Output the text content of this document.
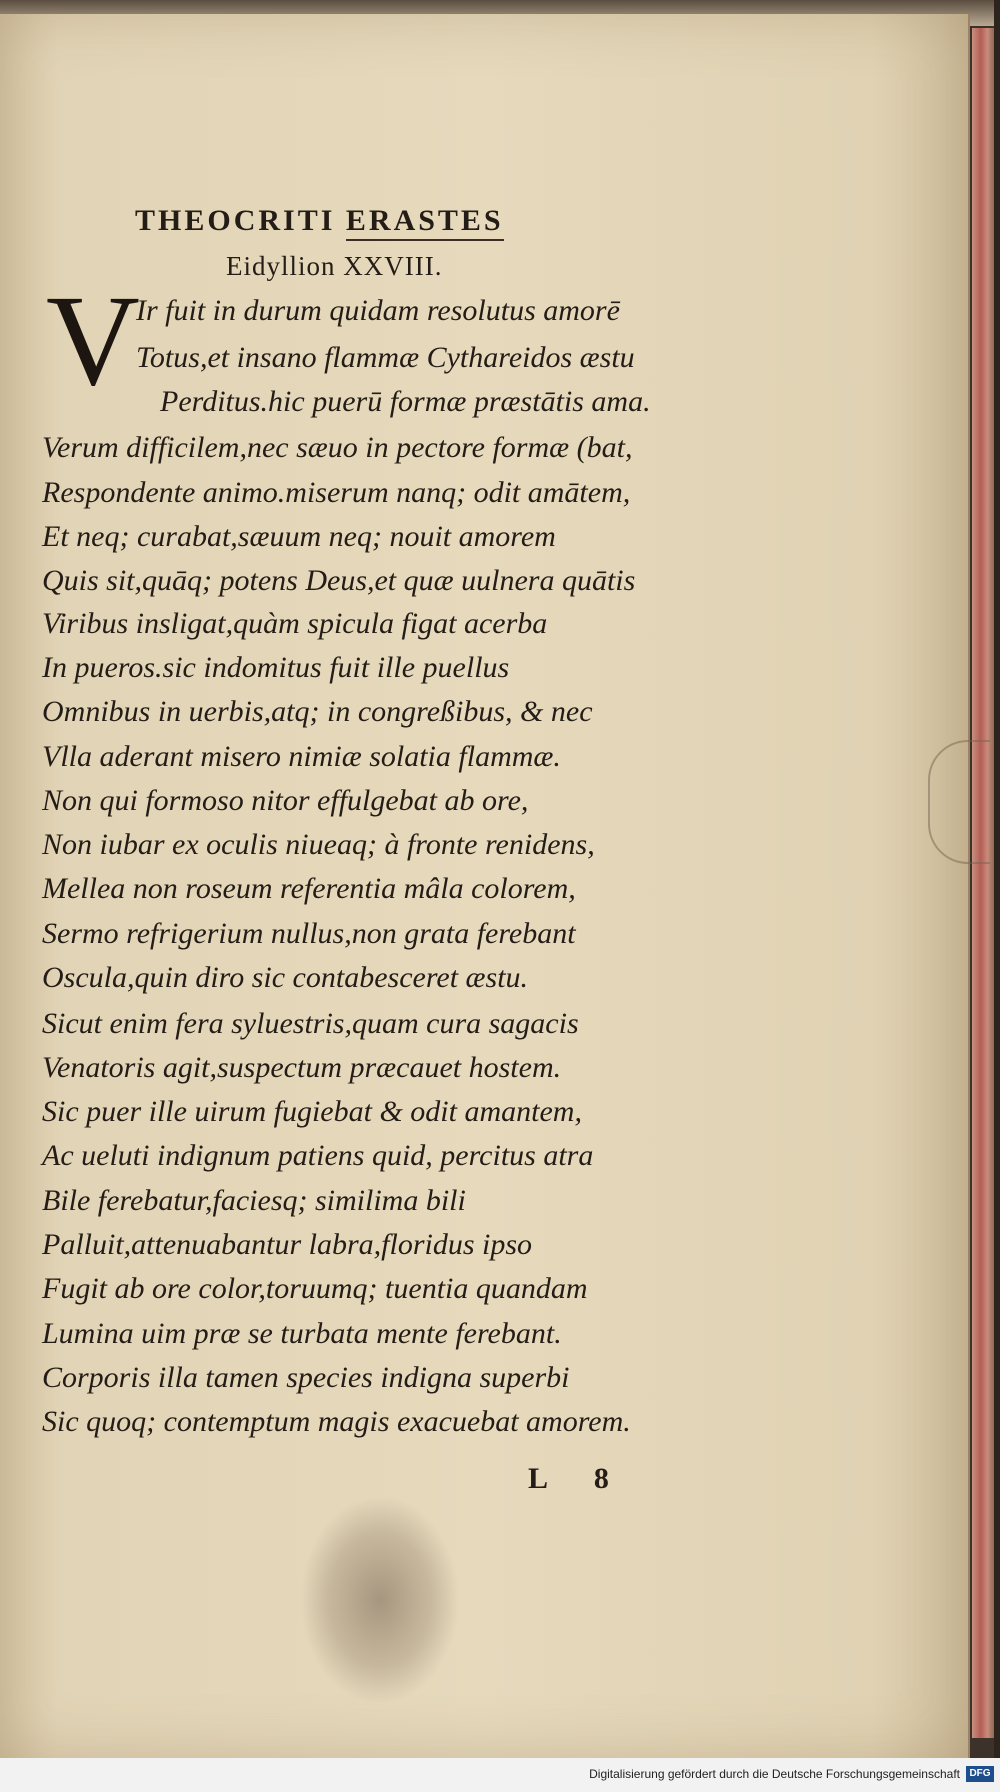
THEOCRITI ERASTES
Eidyllion XXVIII.
V
Ir fuit in durum quidam resolutus amorē
Totus,et insano flammæ Cythareidos æstu
Perditus.hic puerū formæ præstātis ama.
Verum difficilem,nec sæuo in pectore formæ (bat,
Respondente animo.miserum nanq; odit amātem,
Et neq; curabat,sæuum neq; nouit amorem
Quis sit,quāq; potens Deus,et quæ uulnera quātis
Viribus insligat,quàm spicula figat acerba
In pueros.sic indomitus fuit ille puellus
Omnibus in uerbis,atq; in congreßibus, & nec
Vlla aderant misero nimiæ solatia flammæ.
Non qui formoso nitor effulgebat ab ore,
Non iubar ex oculis niueaq; à fronte renidens,
Mellea non roseum referentia mâla colorem,
Sermo refrigerium nullus,non grata ferebant
Oscula,quin diro sic contabesceret æstu.
Sicut enim fera syluestris,quam cura sagacis
Venatoris agit,suspectum præcauet hostem.
Sic puer ille uirum fugiebat & odit amantem,
Ac ueluti indignum patiens quid, percitus atra
Bile ferebatur,faciesq; similima bili
Palluit,attenuabantur labra,floridus ipso
Fugit ab ore color,toruumq; tuentia quandam
Lumina uim præ se turbata mente ferebant.
Corporis illa tamen species indigna superbi
Sic quoq; contemptum magis exacuebat amorem.
L 8
Digitalisierung gefördert durch die Deutsche Forschungsgemeinschaft DFG
